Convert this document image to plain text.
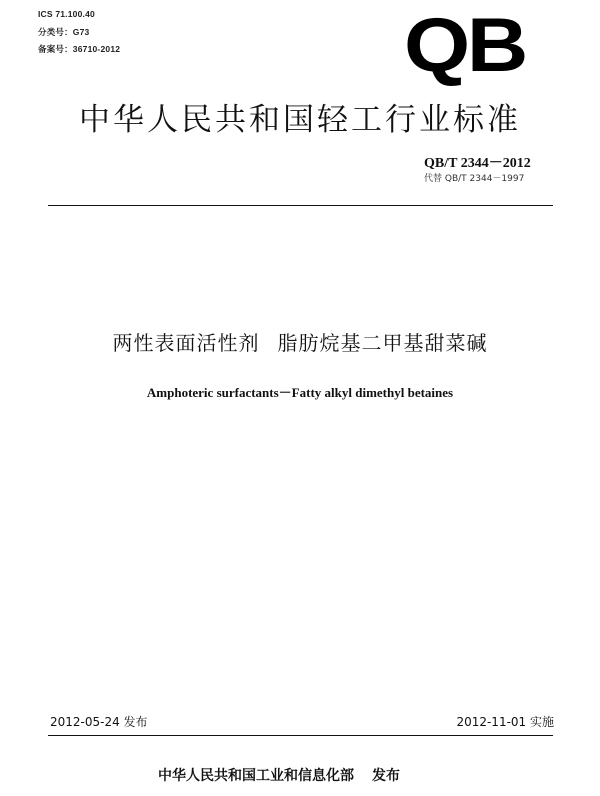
ICS 71.100.40
分类号：G73
备案号：36710-2012	QB
中华人民共和国轻工行业标准
QB/T 2344－2012
代替 QB/T 2344－1997
两性表面活性剂 脂肪烷基二甲基甜菜碱
Amphoteric surfactants－Fatty alkyl dimethyl betaines
2012-05-24 发布	2012-11-01 实施
中华人民共和国工业和信息化部 发布
